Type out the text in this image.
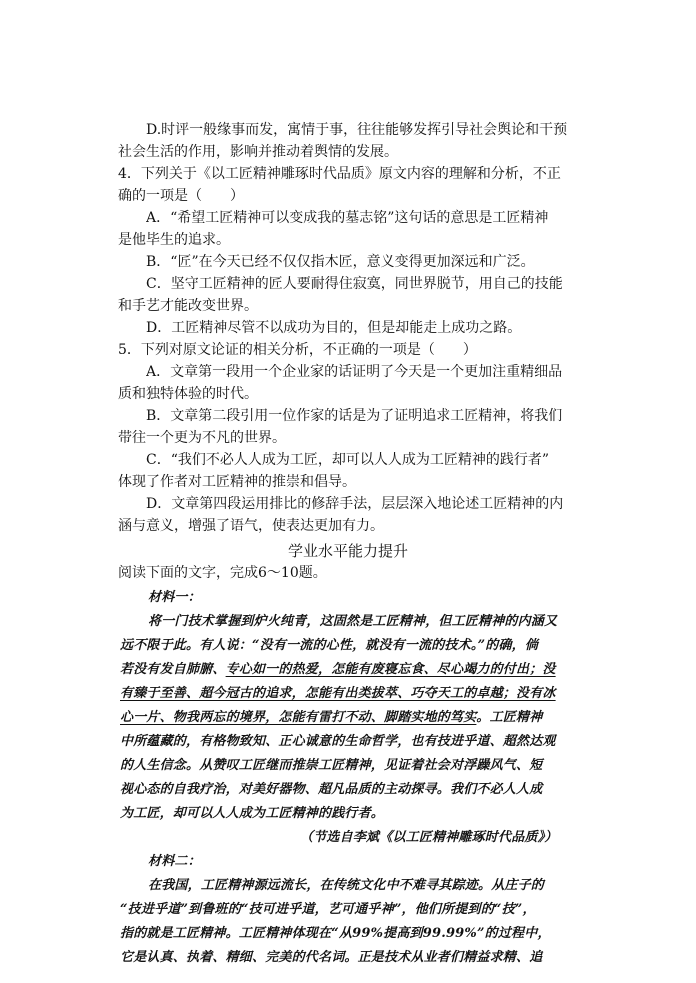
D.时评一般缘事而发，寓情于事，往往能够发挥引导社会舆论和干预
社会生活的作用，影响并推动着舆情的发展。
4．下列关于《以工匠精神雕琢时代品质》原文内容的理解和分析，不正
确的一项是（　　）
A．“希望工匠精神可以变成我的墓志铭”这句话的意思是工匠精神
是他毕生的追求。
B．“匠”在今天已经不仅仅指木匠，意义变得更加深远和广泛。
C．坚守工匠精神的匠人要耐得住寂寞，同世界脱节，用自己的技能
和手艺才能改变世界。
D．工匠精神尽管不以成功为目的，但是却能走上成功之路。
5．下列对原文论证的相关分析，不正确的一项是（　　）
A．文章第一段用一个企业家的话证明了今天是一个更加注重精细品
质和独特体验的时代。
B．文章第二段引用一位作家的话是为了证明追求工匠精神，将我们
带往一个更为不凡的世界。
C．“我们不必人人成为工匠，却可以人人成为工匠精神的践行者”
体现了作者对工匠精神的推崇和倡导。
D．文章第四段运用排比的修辞手法，层层深入地论述工匠精神的内
涵与意义，增强了语气，使表达更加有力。
学业水平能力提升
阅读下面的文字，完成6～10题。
材料一：
将一门技术掌握到炉火纯青，这固然是工匠精神，但工匠精神的内涵又
远不限于此。有人说：“没有一流的心性，就没有一流的技术。”的确，倘
若没有发自肺腑、专心如一的热爱，怎能有废寝忘食、尽心竭力的付出；没
有臻于至善、超今冠古的追求，怎能有出类拔萃、巧夺天工的卓越；没有冰
心一片、物我两忘的境界，怎能有雷打不动、脚踏实地的笃实。工匠精神
中所蕴藏的，有格物致知、正心诚意的生命哲学，也有技进乎道、超然达观
的人生信念。从赞叹工匠继而推崇工匠精神，见证着社会对浮躁风气、短
视心态的自我疗治，对美好器物、超凡品质的主动探寻。我们不必人人成
为工匠，却可以人人成为工匠精神的践行者。
（节选自李斌《以工匠精神雕琢时代品质》）
材料二：
在我国，工匠精神源远流长，在传统文化中不难寻其踪迹。从庄子的
“技进乎道”到鲁班的“技可进乎道，艺可通乎神”，他们所提到的“技”，
指的就是工匠精神。工匠精神体现在“从99%提高到99.99%”的过程中，
它是认真、执着、精细、完美的代名词。正是技术从业者们精益求精、追
